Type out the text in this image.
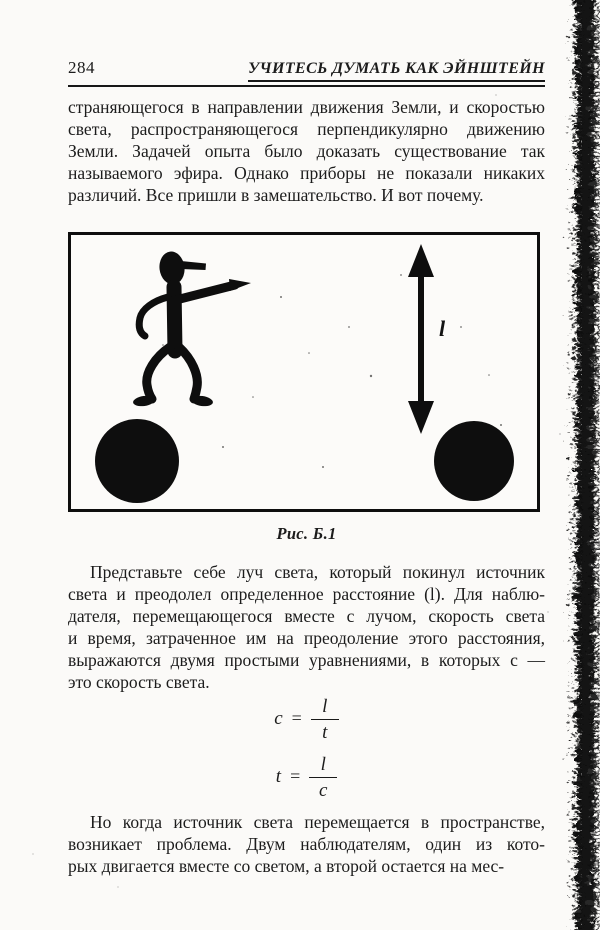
284	УЧИТЕСЬ ДУМАТЬ КАК ЭЙНШТЕЙН
страняющегося в направлении движения Земли, и скоростью
света, распространяющегося перпендикулярно движению
Земли. Задачей опыта было доказать существование так
называемого эфира. Однако приборы не показали никаких
различий. Все пришли в замешательство. И вот почему.
l
Рис. Б.1
Представьте себе луч света, который покинул источник
света и преодолел определенное расстояние (l). Для наблю-
дателя, перемещающегося вместе с лучом, скорость света
и время, затраченное им на преодоление этого расстояния,
выражаются двумя простыми уравнениями, в которых c —
это скорость света.
$c = \frac{l}{t}$
$t = \frac{l}{c}$
Но когда источник света перемещается в пространстве,
возникает проблема. Двум наблюдателям, один из кото-
рых двигается вместе со светом, а второй остается на мес-
